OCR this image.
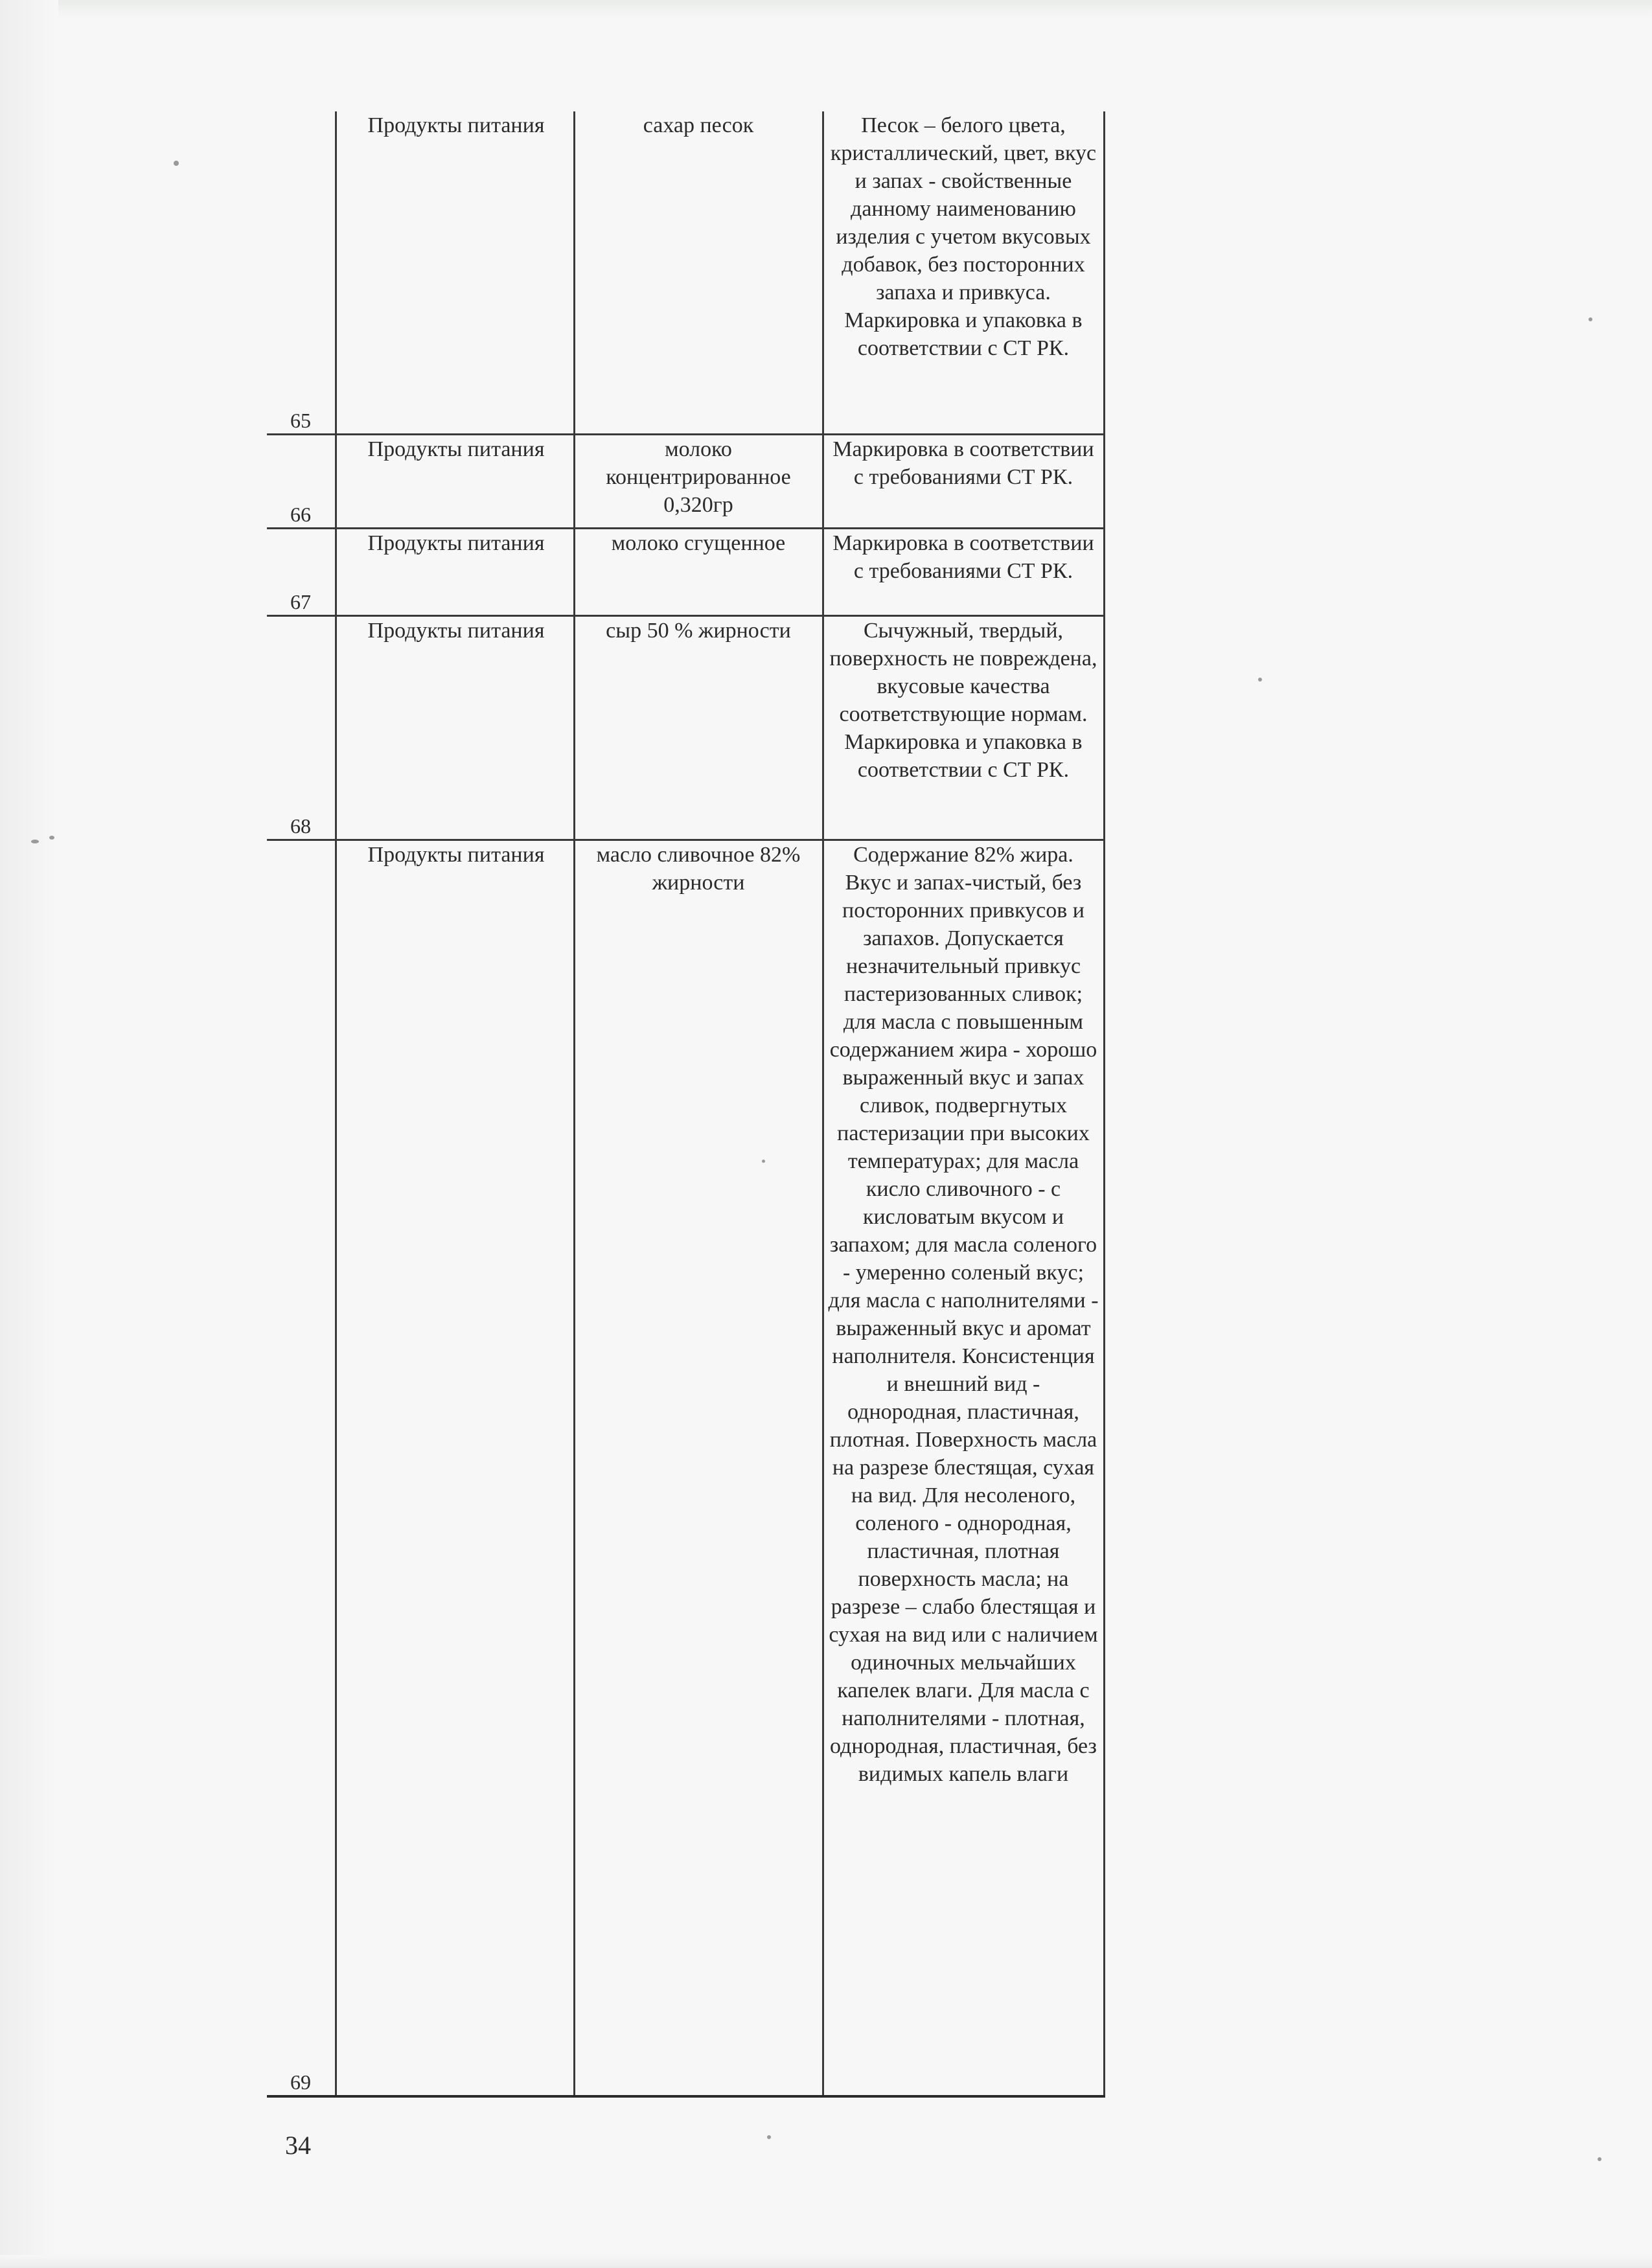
65	Продукты питания	сахар песок	Песок – белого цвета, кристаллический, цвет, вкус и запах - свойственные данному наименованию изделия с учетом вкусовых добавок, без посторонних запаха и привкуса. Маркировка и упаковка в соответствии с СТ РК.
66	Продукты питания	молоко концентрированное 0,320гр	Маркировка в соответствии с требованиями СТ РК.
67	Продукты питания	молоко сгущенное	Маркировка в соответствии с требованиями СТ РК.
68	Продукты питания	сыр 50 % жирности	Сычужный, твердый, поверхность не повреждена, вкусовые качества соответствующие нормам. Маркировка и упаковка в соответствии с СТ РК.
69	Продукты питания	масло сливочное 82% жирности	Содержание 82% жира. Вкус и запах-чистый, без посторонних привкусов и запахов. Допускается незначительный привкус пастеризованных сливок; для масла с повышенным содержанием жира - хорошо выраженный вкус и запах сливок, подвергнутых пастеризации при высоких температурах; для масла кисло сливочного - с кисловатым вкусом и запахом; для масла соленого - умеренно соленый вкус; для масла с наполнителями - выраженный вкус и аромат наполнителя. Консистенция и внешний вид - однородная, пластичная, плотная. Поверхность масла на разрезе блестящая, сухая на вид. Для несоленого, соленого - однородная, пластичная, плотная поверхность масла; на разрезе – слабо блестящая и сухая на вид или с наличием одиночных мельчайших капелек влаги. Для масла с наполнителями - плотная, однородная, пластичная, без видимых капель влаги
34
